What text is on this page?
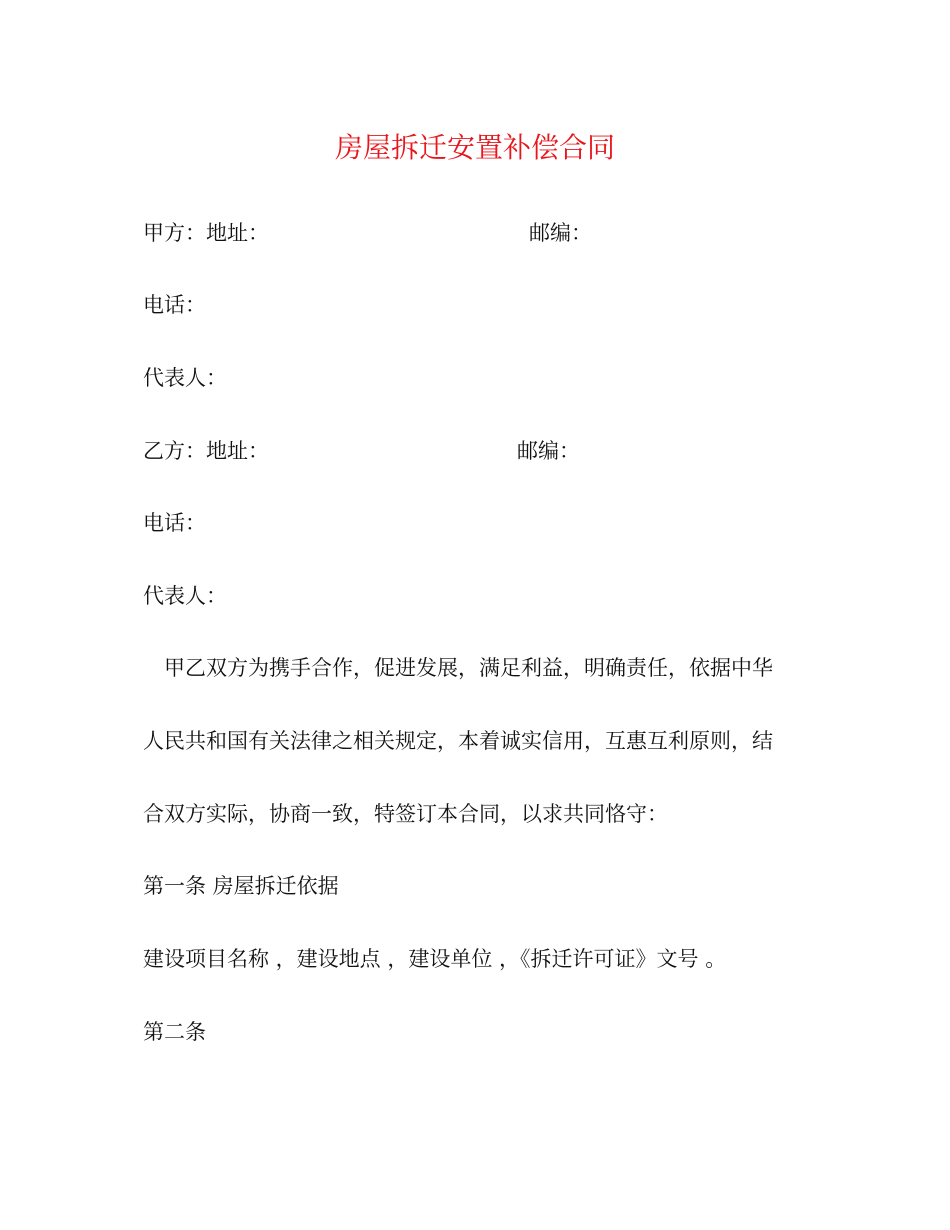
房屋拆迁安置补偿合同
甲方：地址：	邮编：
电话：
代表人：
乙方：地址：	邮编：
电话：
代表人：
甲乙双方为携手合作，促进发展，满足利益，明确责任，依据中华
人民共和国有关法律之相关规定，本着诚实信用，互惠互利原则，结
合双方实际，协商一致，特签订本合同，以求共同恪守：
第一条 房屋拆迁依据
建设项目名称 ，建设地点 ，建设单位 ，《拆迁许可证》文号 。
第二条
